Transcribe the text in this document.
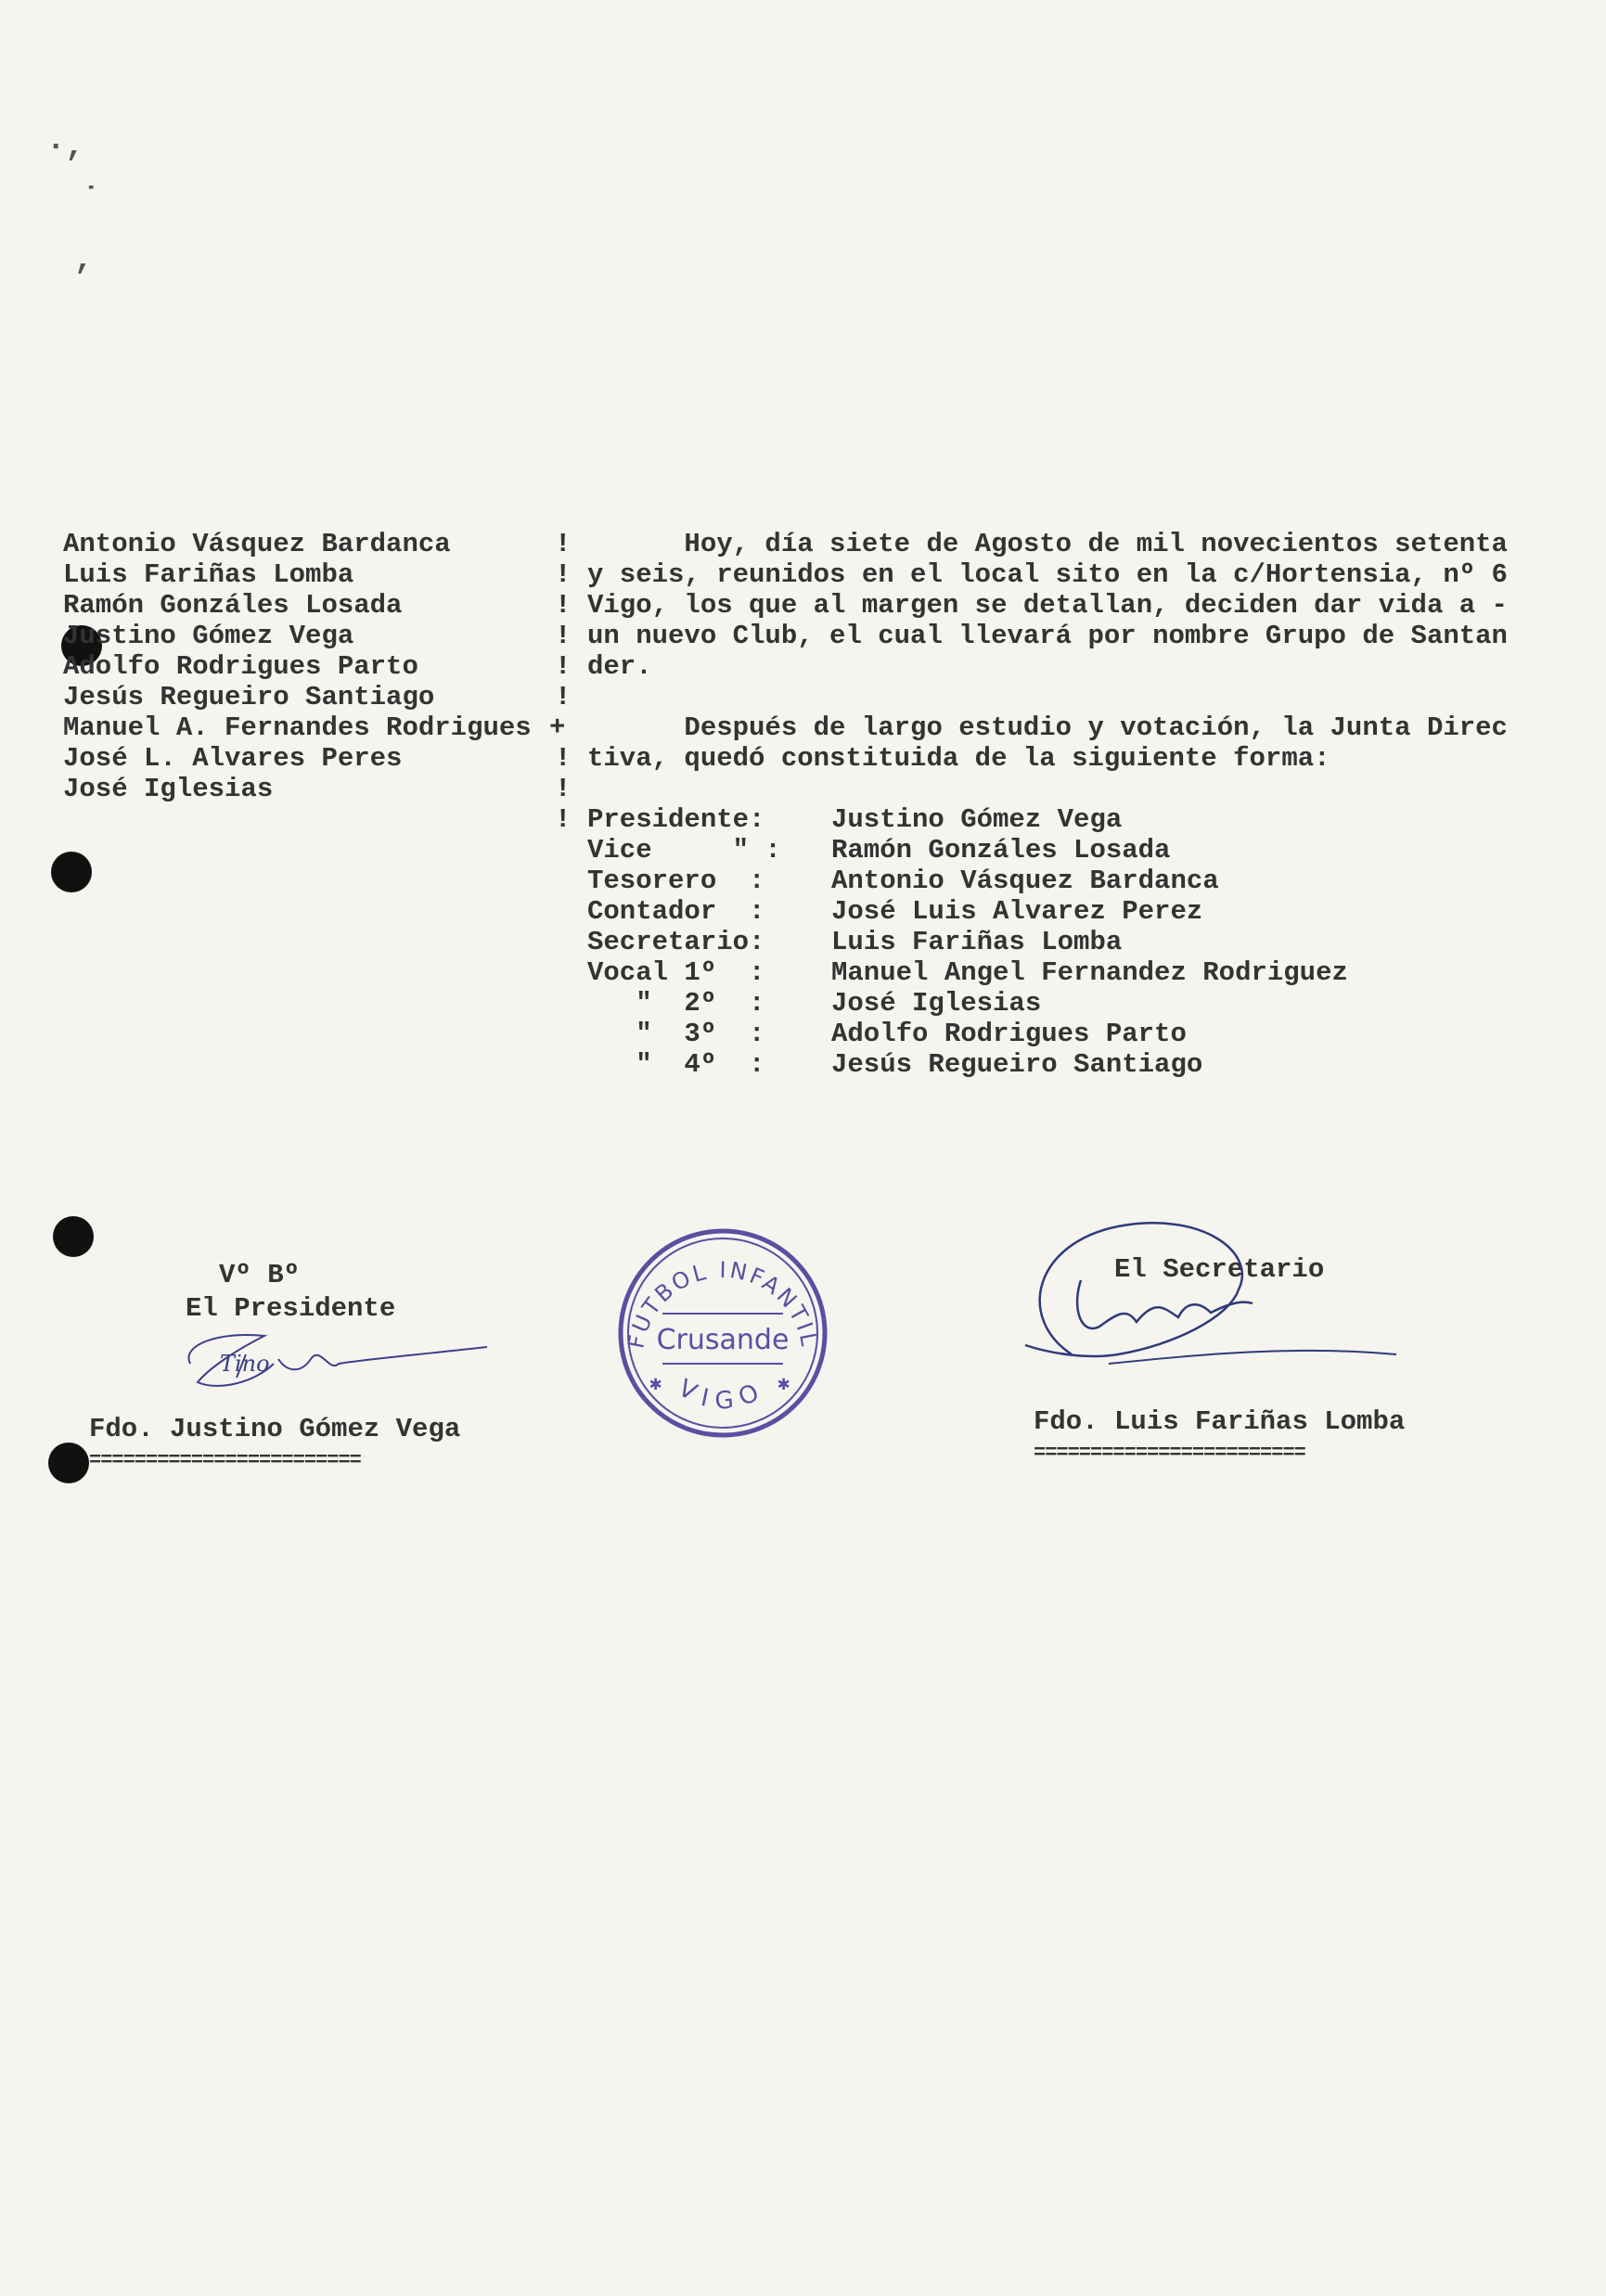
·,
˙
,
Antonio Vásquez Bardanca
Luis Fariñas Lomba
Ramón Gonzáles Losada
Justino Gómez Vega
Adolfo Rodrigues Parto
Jesús Regueiro Santiago
Manuel A. Fernandes Rodrigues
José L. Alvares Peres
José Iglesias
!
!
!
!
!
!
+
!
!
!
Hoy, día siete de Agosto de mil novecientos setenta
y seis, reunidos en el local sito en la c/Hortensia, nº 6
Vigo, los que al margen se detallan, deciden dar vida a -
un nuevo Club, el cual llevará por nombre Grupo de Santan
der.
Después de largo estudio y votación, la Junta Direc
tiva, quedó constituida de la siguiente forma:
Presidente: Justino Gómez Vega
Vice     " : Ramón Gonzáles Losada
Tesorero  : Antonio Vásquez Bardanca
Contador  : José Luis Alvarez Perez
Secretario: Luis Fariñas Lomba
Vocal 1º  : Manuel Angel Fernandez Rodriguez
"  2º  : José Iglesias
"  3º  : Adolfo Rodrigues Parto
"  4º  : Jesús Regueiro Santiago
Vº Bº
El Presidente
Tino
Fdo. Justino Gómez Vega
========================
FUTBOL INFANTIL
Crusande
VIGO
✱	✱
El Secretario
Fdo. Luis Fariñas Lomba
========================
